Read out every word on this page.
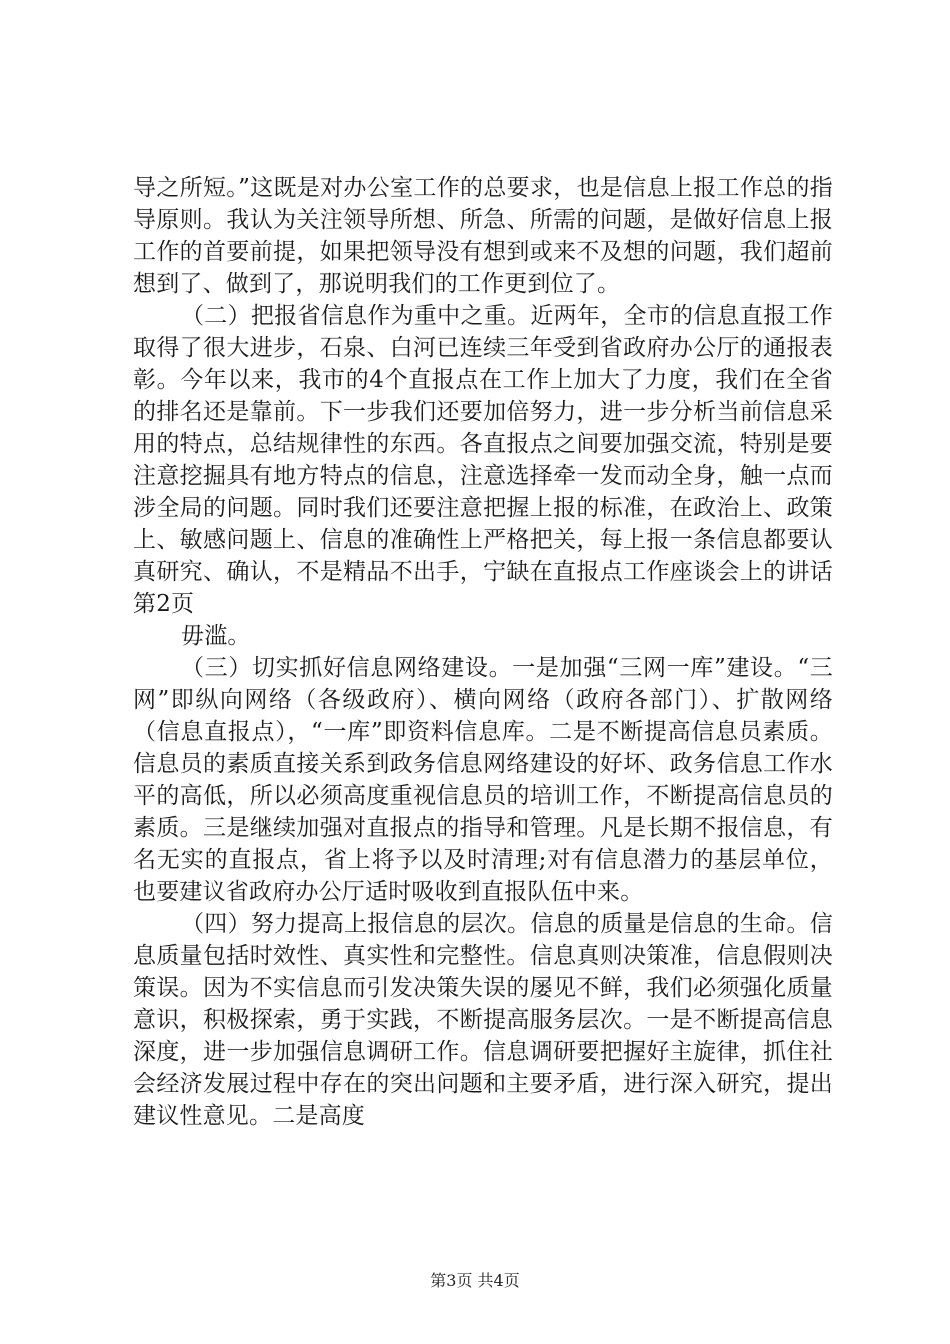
导之所短。”这既是对办公室工作的总要求，也是信息上报工作总的指导原则。我认为关注领导所想、所急、所需的问题，是做好信息上报工作的首要前提，如果把领导没有想到或来不及想的问题，我们超前想到了、做到了，那说明我们的工作更到位了。

（二）把报省信息作为重中之重。近两年，全市的信息直报工作取得了很大进步，石泉、白河已连续三年受到省政府办公厅的通报表彰。今年以来，我市的4个直报点在工作上加大了力度，我们在全省的排名还是靠前。下一步我们还要加倍努力，进一步分析当前信息采用的特点，总结规律性的东西。各直报点之间要加强交流，特别是要注意挖掘具有地方特点的信息，注意选择牵一发而动全身，触一点而涉全局的问题。同时我们还要注意把握上报的标准，在政治上、政策上、敏感问题上、信息的准确性上严格把关，每上报一条信息都要认真研究、确认，不是精品不出手，宁缺在直报点工作座谈会上的讲话第2页

毋滥。

（三）切实抓好信息网络建设。一是加强“三网一库”建设。“三网”即纵向网络（各级政府）、横向网络（政府各部门）、扩散网络（信息直报点），“一库”即资料信息库。二是不断提高信息员素质。信息员的素质直接关系到政务信息网络建设的好坏、政务信息工作水平的高低，所以必须高度重视信息员的培训工作，不断提高信息员的素质。三是继续加强对直报点的指导和管理。凡是长期不报信息，有名无实的直报点，省上将予以及时清理;对有信息潜力的基层单位，也要建议省政府办公厅适时吸收到直报队伍中来。

（四）努力提高上报信息的层次。信息的质量是信息的生命。信息质量包括时效性、真实性和完整性。信息真则决策准，信息假则决策误。因为不实信息而引发决策失误的屡见不鲜，我们必须强化质量意识，积极探索，勇于实践，不断提高服务层次。一是不断提高信息深度，进一步加强信息调研工作。信息调研要把握好主旋律，抓住社会经济发展过程中存在的突出问题和主要矛盾，进行深入研究，提出建议性意见。二是高度

第3页 共4页
